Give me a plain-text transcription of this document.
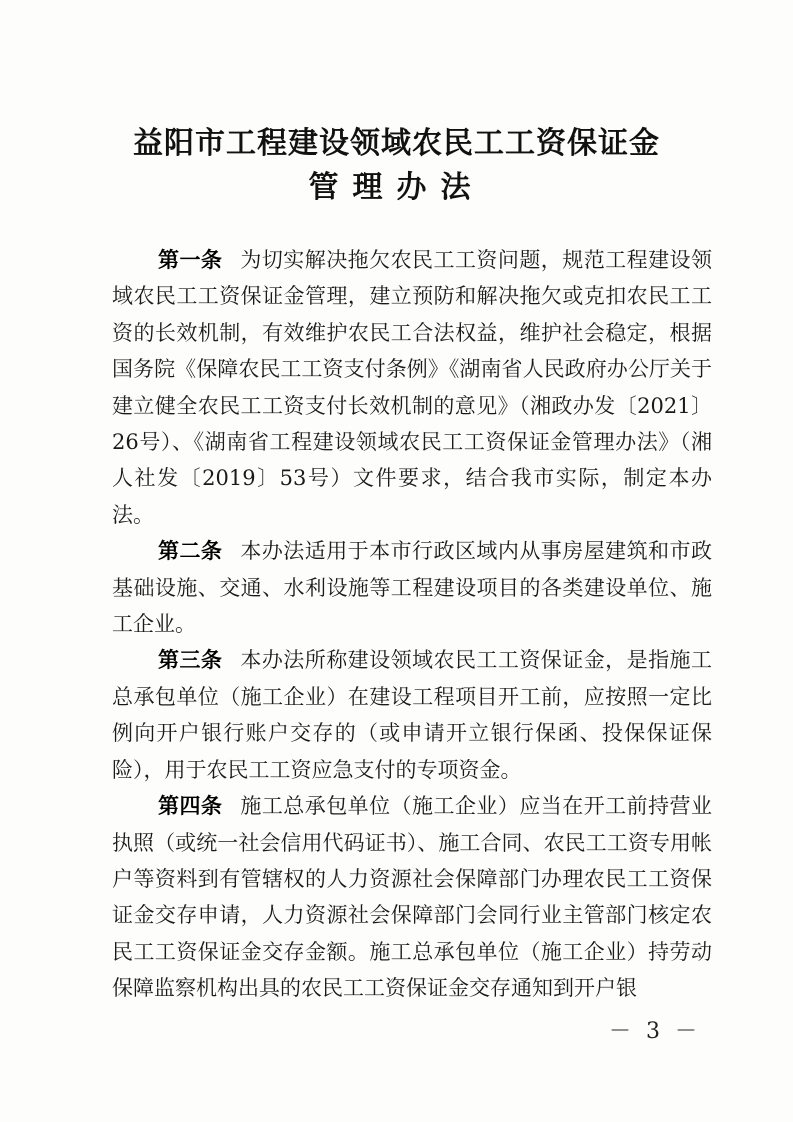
益阳市工程建设领域农民工工资保证金
管理办法

第一条 为切实解决拖欠农民工工资问题，规范工程建设领域农民工工资保证金管理，建立预防和解决拖欠或克扣农民工工资的长效机制，有效维护农民工合法权益，维护社会稳定，根据国务院《保障农民工工资支付条例》《湖南省人民政府办公厅关于建立健全农民工工资支付长效机制的意见》（湘政办发〔2021〕26号）、《湖南省工程建设领域农民工工资保证金管理办法》（湘人社发〔2019〕53号）文件要求，结合我市实际，制定本办法。

第二条 本办法适用于本市行政区域内从事房屋建筑和市政基础设施、交通、水利设施等工程建设项目的各类建设单位、施工企业。

第三条 本办法所称建设领域农民工工资保证金，是指施工总承包单位（施工企业）在建设工程项目开工前，应按照一定比例向开户银行账户交存的（或申请开立银行保函、投保保证保险），用于农民工工资应急支付的专项资金。

第四条 施工总承包单位（施工企业）应当在开工前持营业执照（或统一社会信用代码证书）、施工合同、农民工工资专用帐户等资料到有管辖权的人力资源社会保障部门办理农民工工资保证金交存申请，人力资源社会保障部门会同行业主管部门核定农民工工资保证金交存金额。施工总承包单位（施工企业）持劳动保障监察机构出具的农民工工资保证金交存通知到开户银

－ 3 －
